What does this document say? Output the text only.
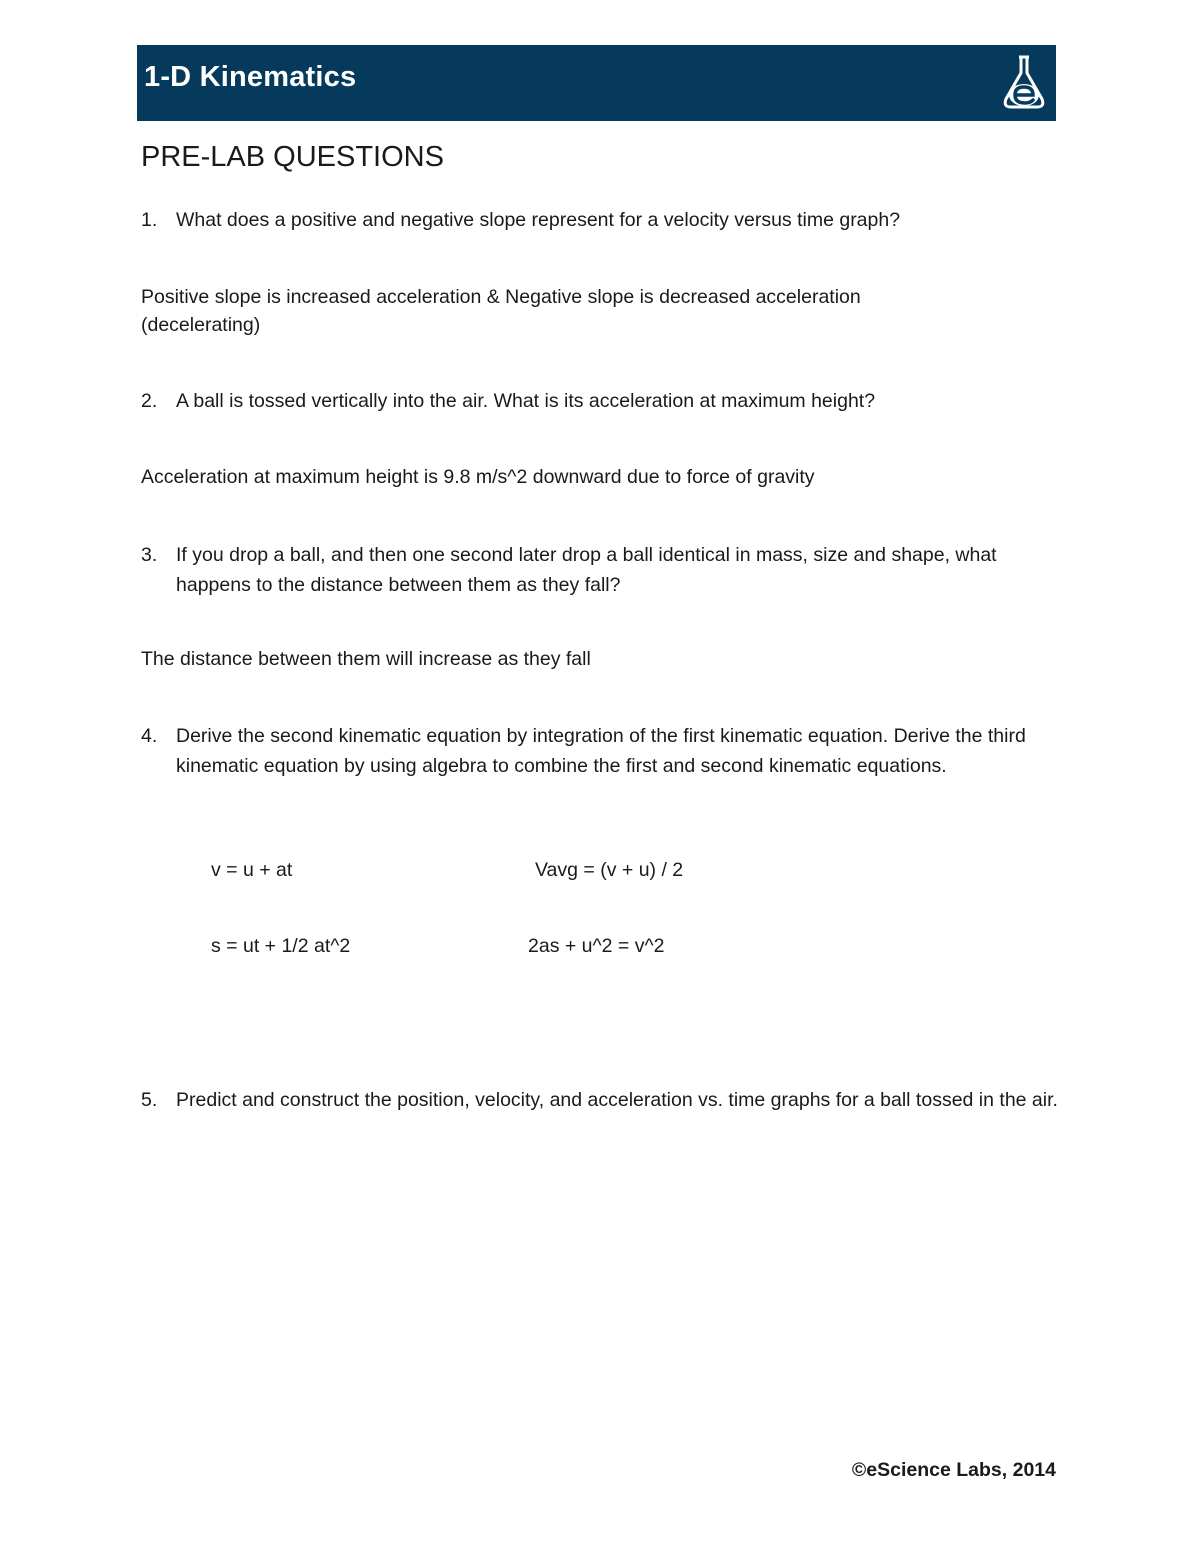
1-D Kinematics
PRE-LAB QUESTIONS
1. What does a positive and negative slope represent for a velocity versus time graph?
Positive slope is increased acceleration & Negative slope is decreased acceleration (decelerating)
2. A ball is tossed vertically into the air. What is its acceleration at maximum height?
Acceleration at maximum height is 9.8 m/s^2 downward due to force of gravity
3. If you drop a ball, and then one second later drop a ball identical in mass, size and shape, what happens to the distance between them as they fall?
The distance between them will increase as they fall
4. Derive the second kinematic equation by integration of the first kinematic equation. Derive the third kinematic equation by using algebra to combine the first and second kinematic equations.
v = u + at	Vavg = (v + u) / 2
s = ut + 1/2 at^2	2as + u^2 = v^2
5. Predict and construct the position, velocity, and acceleration vs. time graphs for a ball tossed in the air.
©eScience Labs, 2014
